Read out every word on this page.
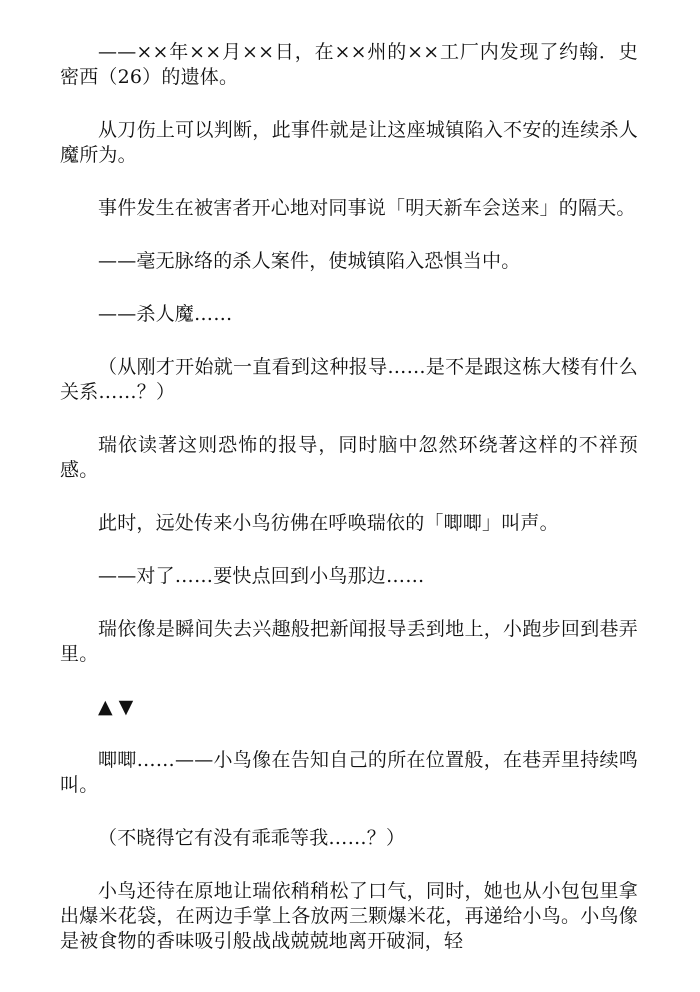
——××年××月××日，在××州的××工厂内发现了约翰．史密西（26）的遗体。

从刀伤上可以判断，此事件就是让这座城镇陷入不安的连续杀人魔所为。

事件发生在被害者开心地对同事说「明天新车会送来」的隔天。

——毫无脉络的杀人案件，使城镇陷入恐惧当中。

——杀人魔……

（从刚才开始就一直看到这种报导……是不是跟这栋大楼有什么关系……？）

瑞依读著这则恐怖的报导，同时脑中忽然环绕著这样的不祥预感。

此时，远处传来小鸟彷佛在呼唤瑞依的「唧唧」叫声。

——对了……要快点回到小鸟那边……

瑞依像是瞬间失去兴趣般把新闻报导丢到地上，小跑步回到巷弄里。

▲ ▼

唧唧……——小鸟像在告知自己的所在位置般，在巷弄里持续鸣叫。

（不晓得它有没有乖乖等我……？）

小鸟还待在原地让瑞依稍稍松了口气，同时，她也从小包包里拿出爆米花袋，在两边手掌上各放两三颗爆米花，再递给小鸟。小鸟像是被食物的香味吸引般战战兢兢地离开破洞，轻
